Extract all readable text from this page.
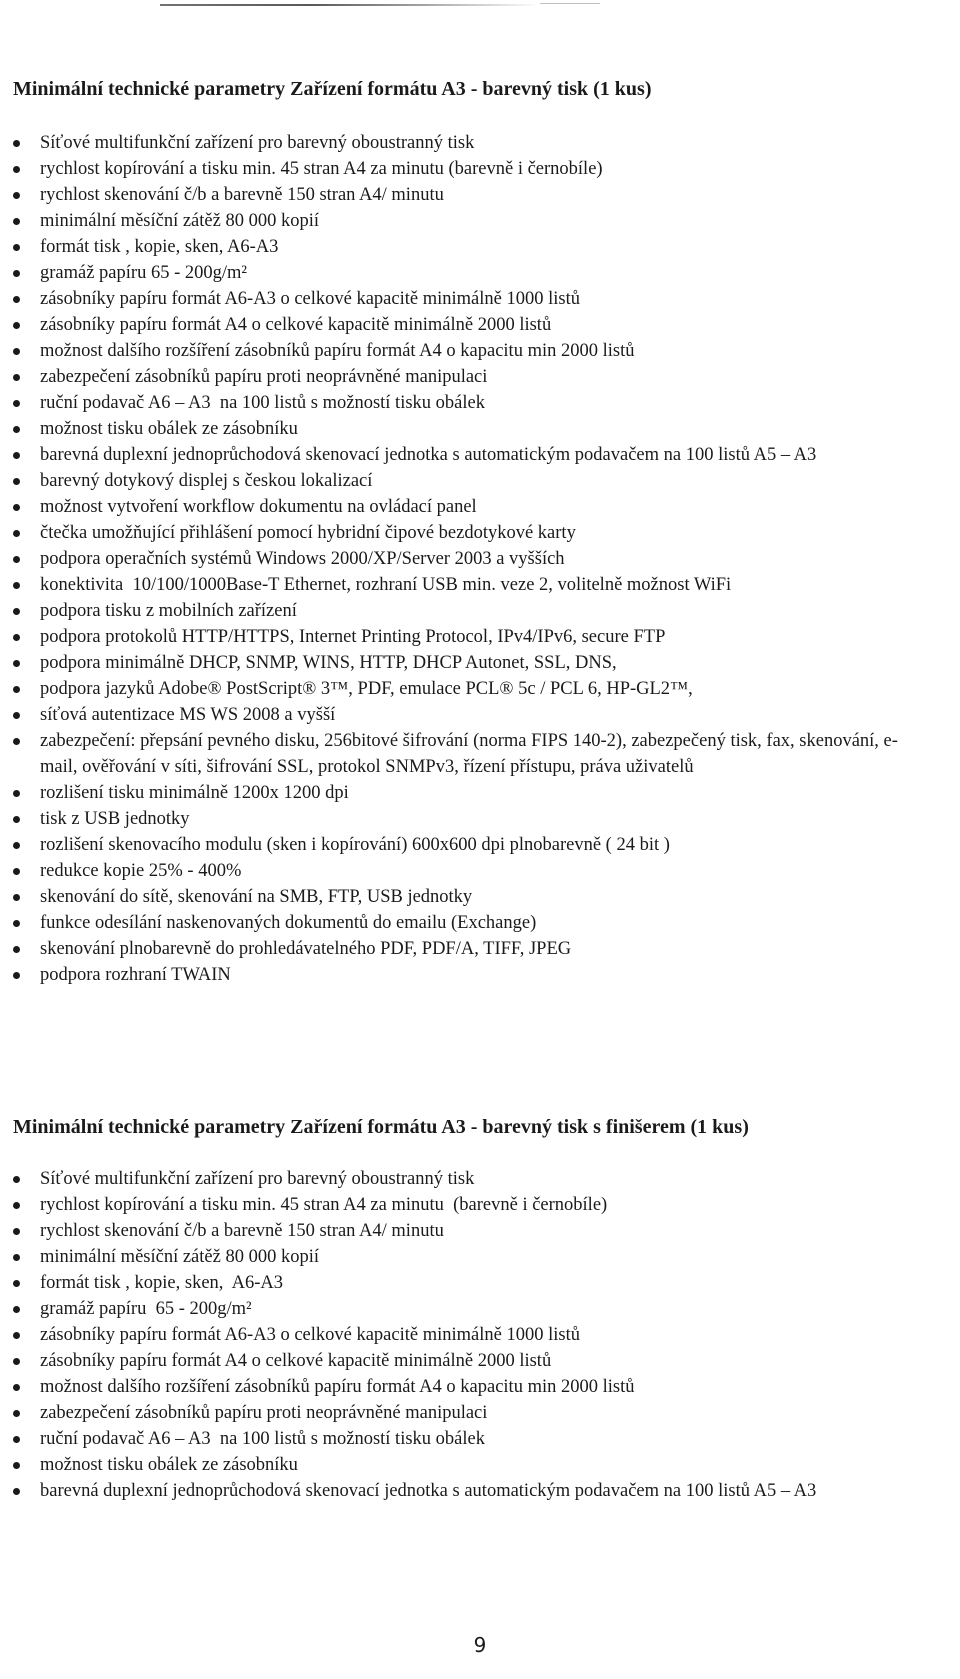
Minimální technické parametry Zařízení formátu A3 - barevný tisk (1 kus)
Síťové multifunkční zařízení pro barevný oboustranný tisk
rychlost kopírování a tisku min. 45 stran A4 za minutu (barevně i černobíle)
rychlost skenování č/b a barevně 150 stran A4/ minutu
minimální měsíční zátěž 80 000 kopií
formát tisk , kopie, sken, A6-A3
gramáž papíru 65 - 200g/m²
zásobníky papíru formát A6-A3 o celkové kapacitě minimálně 1000 listů
zásobníky papíru formát A4 o celkové kapacitě minimálně 2000 listů
možnost dalšího rozšíření zásobníků papíru formát A4 o kapacitu min 2000 listů
zabezpečení zásobníků papíru proti neoprávněné manipulaci
ruční podavač A6 – A3  na 100 listů s možností tisku obálek
možnost tisku obálek ze zásobníku
barevná duplexní jednoprůchodová skenovací jednotka s automatickým podavačem na 100 listů A5 – A3
barevný dotykový displej s českou lokalizací
možnost vytvoření workflow dokumentu na ovládací panel
čtečka umožňující přihlášení pomocí hybridní čipové bezdotykové karty
podpora operačních systémů Windows 2000/XP/Server 2003 a vyšších
konektivita  10/100/1000Base-T Ethernet, rozhraní USB min. veze 2, volitelně možnost WiFi
podpora tisku z mobilních zařízení
podpora protokolů HTTP/HTTPS, Internet Printing Protocol, IPv4/IPv6, secure FTP
podpora minimálně DHCP, SNMP, WINS, HTTP, DHCP Autonet, SSL, DNS,
podpora jazyků Adobe® PostScript® 3™, PDF, emulace PCL® 5c / PCL 6, HP-GL2™,
síťová autentizace MS WS 2008 a vyšší
zabezpečení: přepsání pevného disku, 256bitové šifrování (norma FIPS 140-2), zabezpečený tisk, fax, skenování, e-mail, ověřování v síti, šifrování SSL, protokol SNMPv3, řízení přístupu, práva uživatelů
rozlišení tisku minimálně 1200x 1200 dpi
tisk z USB jednotky
rozlišení skenovacího modulu (sken i kopírování) 600x600 dpi plnobarevně ( 24 bit )
redukce kopie 25% - 400%
skenování do sítě, skenování na SMB, FTP, USB jednotky
funkce odesílání naskenovaných dokumentů do emailu (Exchange)
skenování plnobarevně do prohledávatelného PDF, PDF/A, TIFF, JPEG
podpora rozhraní TWAIN
Minimální technické parametry Zařízení formátu A3 - barevný tisk s finišerem (1 kus)
Síťové multifunkční zařízení pro barevný oboustranný tisk
rychlost kopírování a tisku min. 45 stran A4 za minutu  (barevně i černobíle)
rychlost skenování č/b a barevně 150 stran A4/ minutu
minimální měsíční zátěž 80 000 kopií
formát tisk , kopie, sken,  A6-A3
gramáž papíru  65 - 200g/m²
zásobníky papíru formát A6-A3 o celkové kapacitě minimálně 1000 listů
zásobníky papíru formát A4 o celkové kapacitě minimálně 2000 listů
možnost dalšího rozšíření zásobníků papíru formát A4 o kapacitu min 2000 listů
zabezpečení zásobníků papíru proti neoprávněné manipulaci
ruční podavač A6 – A3  na 100 listů s možností tisku obálek
možnost tisku obálek ze zásobníku
barevná duplexní jednoprůchodová skenovací jednotka s automatickým podavačem na 100 listů A5 – A3
9
